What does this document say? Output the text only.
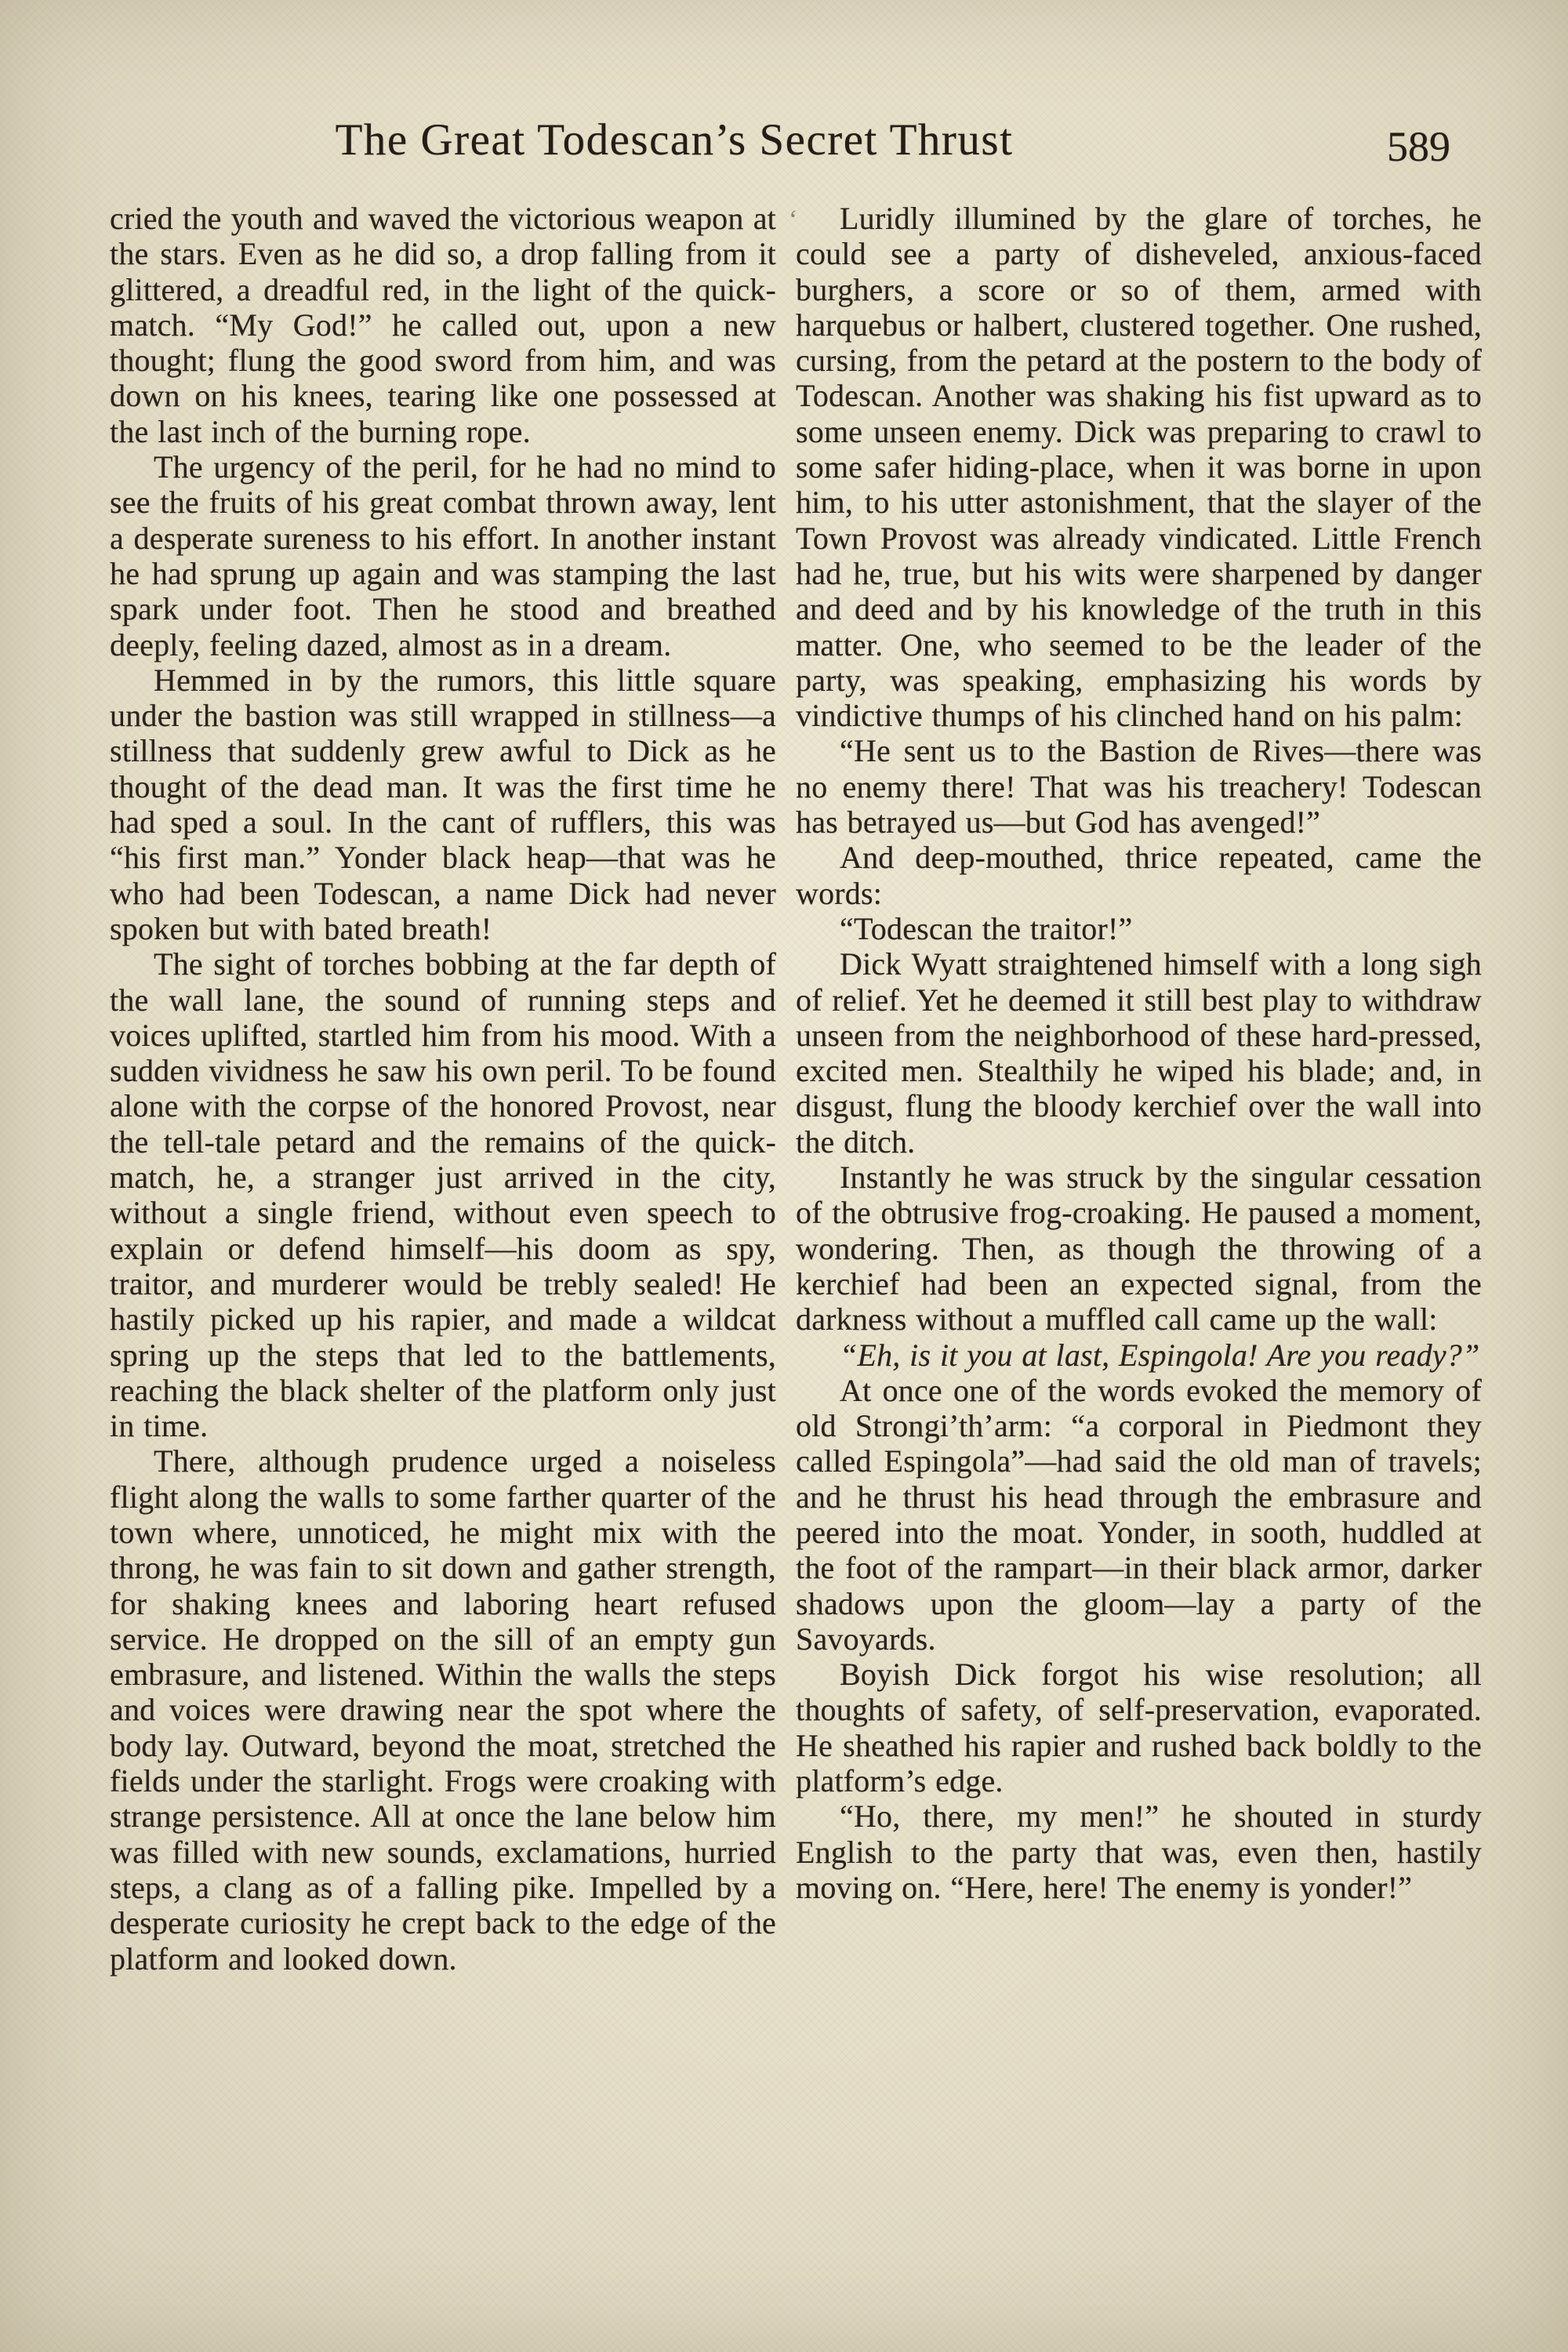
The Great Todescan’s Secret Thrust	589
‘

cried the youth and waved the victorious weapon at the stars. Even as he did so, a drop falling from it glittered, a dreadful red, in the light of the quick-match. “My God!” he called out, upon a new thought; flung the good sword from him, and was down on his knees, tearing like one possessed at the last inch of the burning rope.

The urgency of the peril, for he had no mind to see the fruits of his great combat thrown away, lent a desperate sureness to his effort. In another instant he had sprung up again and was stamping the last spark under foot. Then he stood and breathed deeply, feeling dazed, almost as in a dream.

Hemmed in by the rumors, this little square under the bastion was still wrapped in stillness—a stillness that suddenly grew awful to Dick as he thought of the dead man. It was the first time he had sped a soul. In the cant of rufflers, this was “his first man.” Yonder black heap—that was he who had been Todescan, a name Dick had never spoken but with bated breath!

The sight of torches bobbing at the far depth of the wall lane, the sound of running steps and voices uplifted, startled him from his mood. With a sudden vividness he saw his own peril. To be found alone with the corpse of the honored Provost, near the tell-tale petard and the remains of the quick-match, he, a stranger just arrived in the city, without a single friend, without even speech to explain or defend himself—his doom as spy, traitor, and murderer would be trebly sealed! He hastily picked up his rapier, and made a wildcat spring up the steps that led to the battlements, reaching the black shelter of the platform only just in time.

There, although prudence urged a noiseless flight along the walls to some farther quarter of the town where, unnoticed, he might mix with the throng, he was fain to sit down and gather strength, for shaking knees and laboring heart refused service. He dropped on the sill of an empty gun embrasure, and listened. Within the walls the steps and voices were drawing near the spot where the body lay. Outward, beyond the moat, stretched the fields under the starlight. Frogs were croaking with strange persistence. All at once the lane below him was filled with new sounds, exclamations, hurried steps, a clang as of a falling pike. Impelled by a desperate curiosity he crept back to the edge of the platform and looked down.

Luridly illumined by the glare of torches, he could see a party of disheveled, anxious-faced burghers, a score or so of them, armed with harquebus or halbert, clustered together. One rushed, cursing, from the petard at the postern to the body of Todescan. Another was shaking his fist upward as to some unseen enemy. Dick was preparing to crawl to some safer hiding-place, when it was borne in upon him, to his utter astonishment, that the slayer of the Town Provost was already vindicated. Little French had he, true, but his wits were sharpened by danger and deed and by his knowledge of the truth in this matter. One, who seemed to be the leader of the party, was speaking, emphasizing his words by vindictive thumps of his clinched hand on his palm:

“He sent us to the Bastion de Rives—there was no enemy there! That was his treachery! Todescan has betrayed us—but God has avenged!”

And deep-mouthed, thrice repeated, came the words:

“Todescan the traitor!”

Dick Wyatt straightened himself with a long sigh of relief. Yet he deemed it still best play to withdraw unseen from the neighborhood of these hard-pressed, excited men. Stealthily he wiped his blade; and, in disgust, flung the bloody kerchief over the wall into the ditch.

Instantly he was struck by the singular cessation of the obtrusive frog-croaking. He paused a moment, wondering. Then, as though the throwing of a kerchief had been an expected signal, from the darkness without a muffled call came up the wall:

“Eh, is it you at last, Espingola! Are you ready?”

At once one of the words evoked the memory of old Strongi’th’arm: “a corporal in Piedmont they called Espingola”—had said the old man of travels; and he thrust his head through the embrasure and peered into the moat. Yonder, in sooth, huddled at the foot of the rampart—in their black armor, darker shadows upon the gloom—lay a party of the Savoyards.

Boyish Dick forgot his wise resolution; all thoughts of safety, of self-preservation, evaporated. He sheathed his rapier and rushed back boldly to the platform’s edge.

“Ho, there, my men!” he shouted in sturdy English to the party that was, even then, hastily moving on. “Here, here! The enemy is yonder!”
